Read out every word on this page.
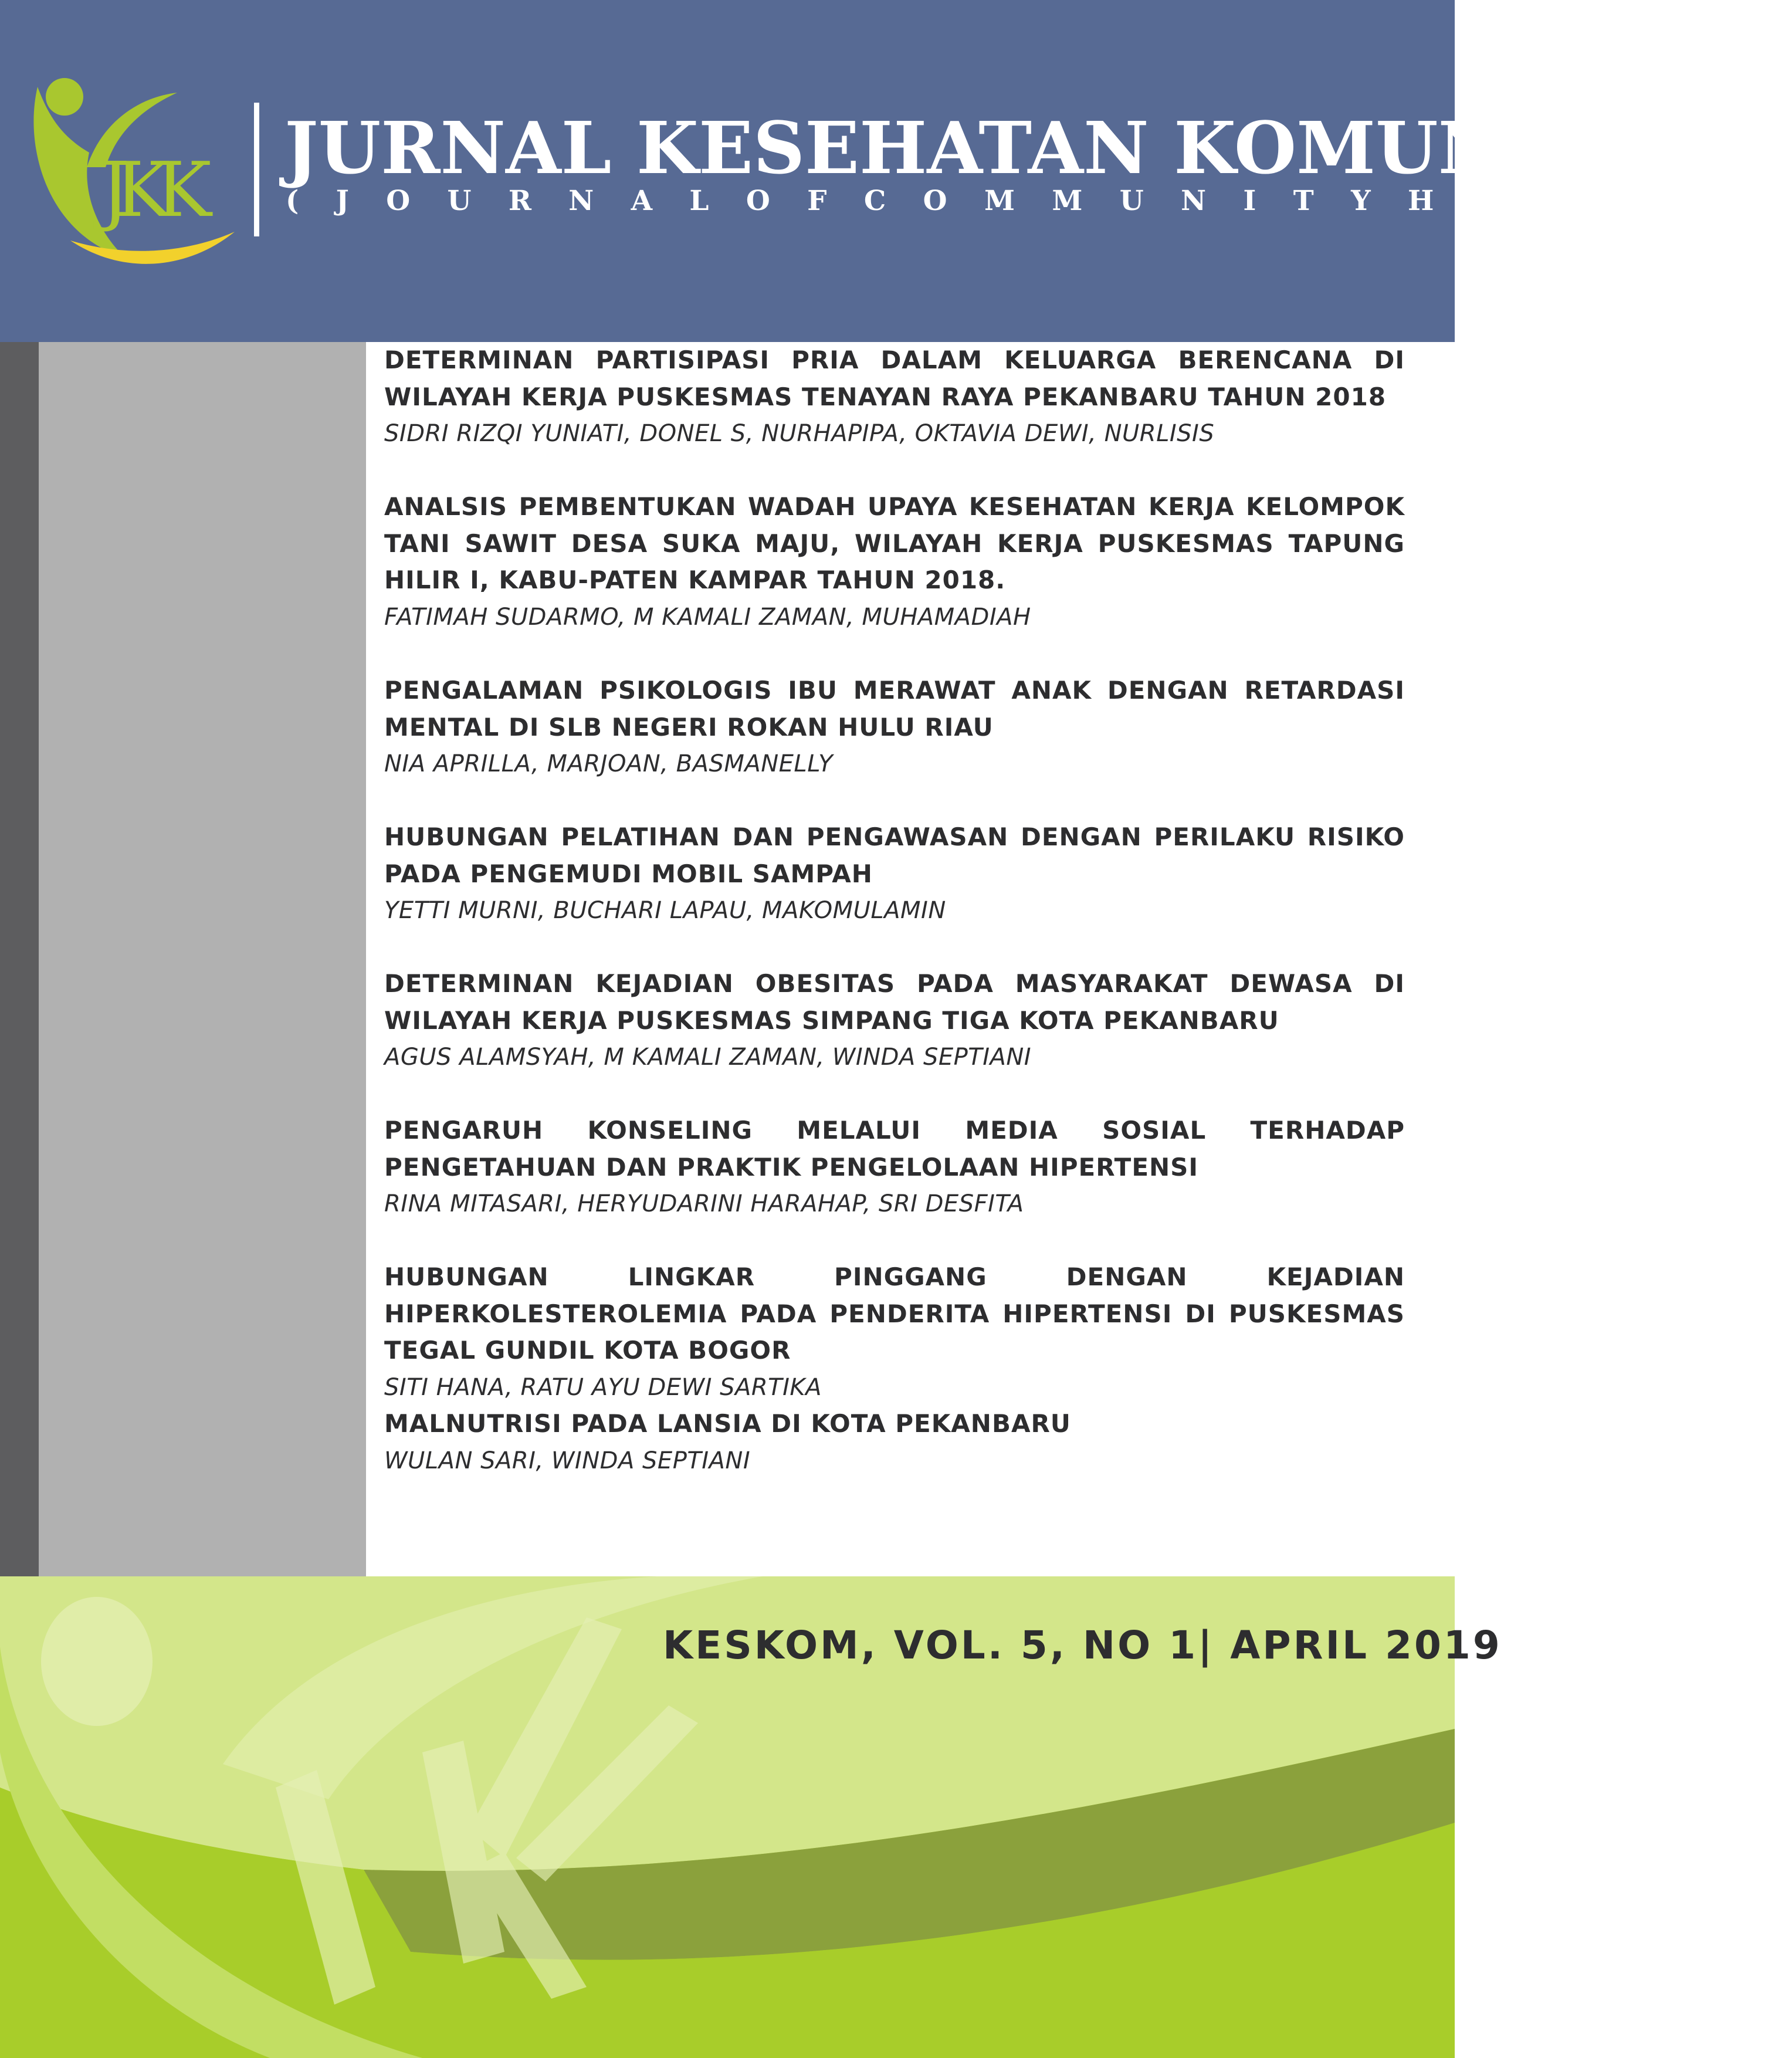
JKK JURNAL KESEHATAN KOMUNITAS

( J O U R N A L O F C O M M U N I T Y H E A L T H )

DETERMINAN PARTISIPASI PRIA DALAM KELUARGA BERENCANA DI WILAYAH KERJA PUSKESMAS TENAYAN RAYA PEKANBARU TAHUN 2018

SIDRI RIZQI YUNIATI, DONEL S, NURHAPIPA, OKTAVIA DEWI, NURLISIS

ANALSIS PEMBENTUKAN WADAH UPAYA KESEHATAN KERJA KELOMPOK TANI SAWIT DESA SUKA MAJU, WILAYAH KERJA PUSKESMAS TAPUNG HILIR I, KABU-PATEN KAMPAR TAHUN 2018.

FATIMAH SUDARMO, M KAMALI ZAMAN, MUHAMADIAH

PENGALAMAN PSIKOLOGIS IBU MERAWAT ANAK DENGAN RETARDASI MENTAL DI SLB NEGERI ROKAN HULU RIAU

NIA APRILLA, MARJOAN, BASMANELLY

HUBUNGAN PELATIHAN DAN PENGAWASAN DENGAN PERILAKU RISIKO PADA PENGEMUDI MOBIL SAMPAH

YETTI MURNI, BUCHARI LAPAU, MAKOMULAMIN

DETERMINAN KEJADIAN OBESITAS PADA MASYARAKAT DEWASA DI WILAYAH KERJA PUSKESMAS SIMPANG TIGA KOTA PEKANBARU

AGUS ALAMSYAH, M KAMALI ZAMAN, WINDA SEPTIANI

PENGARUH KONSELING MELALUI MEDIA SOSIAL TERHADAP PENGETAHUAN DAN PRAKTIK PENGELOLAAN HIPERTENSI

RINA MITASARI, HERYUDARINI HARAHAP, SRI DESFITA

HUBUNGAN LINGKAR PINGGANG DENGAN KEJADIAN HIPERKOLESTEROLEMIA PADA PENDERITA HIPERTENSI DI PUSKESMAS TEGAL GUNDIL KOTA BOGOR

SITI HANA, RATU AYU DEWI SARTIKA

MALNUTRISI PADA LANSIA DI KOTA PEKANBARU

WULAN SARI, WINDA SEPTIANI

KESKOM, VOL. 5, NO 1| APRIL 2019
